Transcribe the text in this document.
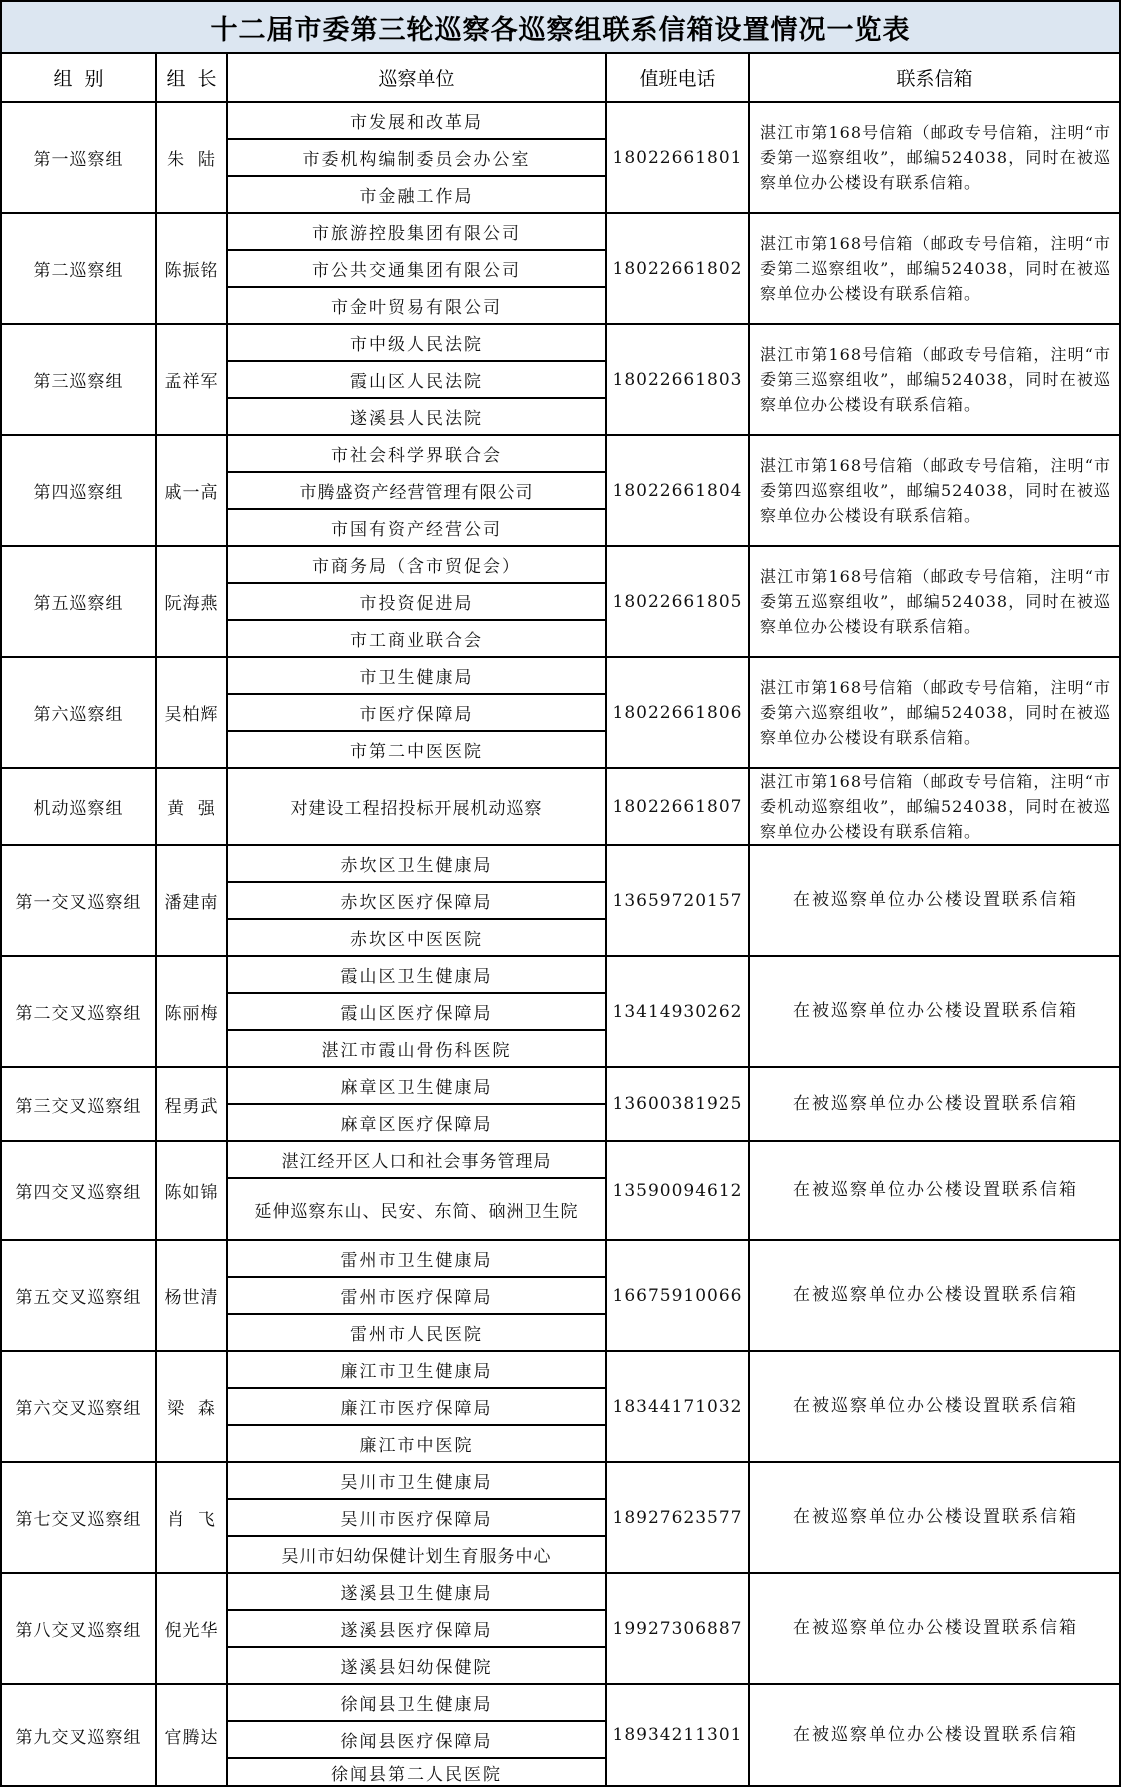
十二届市委第三轮巡察各巡察组联系信箱设置情况一览表				
组  别	组  长	巡察单位	值班电话	联系信箱
第一巡察组	朱  陆	市发展和改革局	18022661801	湛江市第168号信箱（邮政专号信箱，注明“市委第一巡察组收”，邮编524038，同时在被巡察单位办公楼设有联系信箱。
		市委机构编制委员会办公室		
		市金融工作局		
第二巡察组	陈振铭	市旅游控股集团有限公司	18022661802	湛江市第168号信箱（邮政专号信箱，注明“市委第二巡察组收”，邮编524038，同时在被巡察单位办公楼设有联系信箱。
		市公共交通集团有限公司		
		市金叶贸易有限公司		
第三巡察组	孟祥军	市中级人民法院	18022661803	湛江市第168号信箱（邮政专号信箱，注明“市委第三巡察组收”，邮编524038，同时在被巡察单位办公楼设有联系信箱。
		霞山区人民法院		
		遂溪县人民法院		
第四巡察组	戚一高	市社会科学界联合会	18022661804	湛江市第168号信箱（邮政专号信箱，注明“市委第四巡察组收”，邮编524038，同时在被巡察单位办公楼设有联系信箱。
		市腾盛资产经营管理有限公司		
		市国有资产经营公司		
第五巡察组	阮海燕	市商务局（含市贸促会）	18022661805	湛江市第168号信箱（邮政专号信箱，注明“市委第五巡察组收”，邮编524038，同时在被巡察单位办公楼设有联系信箱。
		市投资促进局		
		市工商业联合会		
第六巡察组	吴柏辉	市卫生健康局	18022661806	湛江市第168号信箱（邮政专号信箱，注明“市委第六巡察组收”，邮编524038，同时在被巡察单位办公楼设有联系信箱。
		市医疗保障局		
		市第二中医医院		
机动巡察组	黄  强	对建设工程招投标开展机动巡察	18022661807	湛江市第168号信箱（邮政专号信箱，注明“市委机动巡察组收”，邮编524038，同时在被巡察单位办公楼设有联系信箱。
第一交叉巡察组	潘建南	赤坎区卫生健康局	13659720157	在被巡察单位办公楼设置联系信箱
		赤坎区医疗保障局		
		赤坎区中医医院		
第二交叉巡察组	陈丽梅	霞山区卫生健康局	13414930262	在被巡察单位办公楼设置联系信箱
		霞山区医疗保障局		
		湛江市霞山骨伤科医院		
第三交叉巡察组	程勇武	麻章区卫生健康局	13600381925	在被巡察单位办公楼设置联系信箱
		麻章区医疗保障局		
第四交叉巡察组	陈如锦	湛江经开区人口和社会事务管理局	13590094612	在被巡察单位办公楼设置联系信箱
		延伸巡察东山、民安、东简、硇洲卫生院		
第五交叉巡察组	杨世清	雷州市卫生健康局	16675910066	在被巡察单位办公楼设置联系信箱
		雷州市医疗保障局		
		雷州市人民医院		
第六交叉巡察组	梁  森	廉江市卫生健康局	18344171032	在被巡察单位办公楼设置联系信箱
		廉江市医疗保障局		
		廉江市中医院		
第七交叉巡察组	肖  飞	吴川市卫生健康局	18927623577	在被巡察单位办公楼设置联系信箱
		吴川市医疗保障局		
		吴川市妇幼保健计划生育服务中心		
第八交叉巡察组	倪光华	遂溪县卫生健康局	19927306887	在被巡察单位办公楼设置联系信箱
		遂溪县医疗保障局		
		遂溪县妇幼保健院		
第九交叉巡察组	官腾达	徐闻县卫生健康局	18934211301	在被巡察单位办公楼设置联系信箱
		徐闻县医疗保障局		
		徐闻县第二人民医院		
